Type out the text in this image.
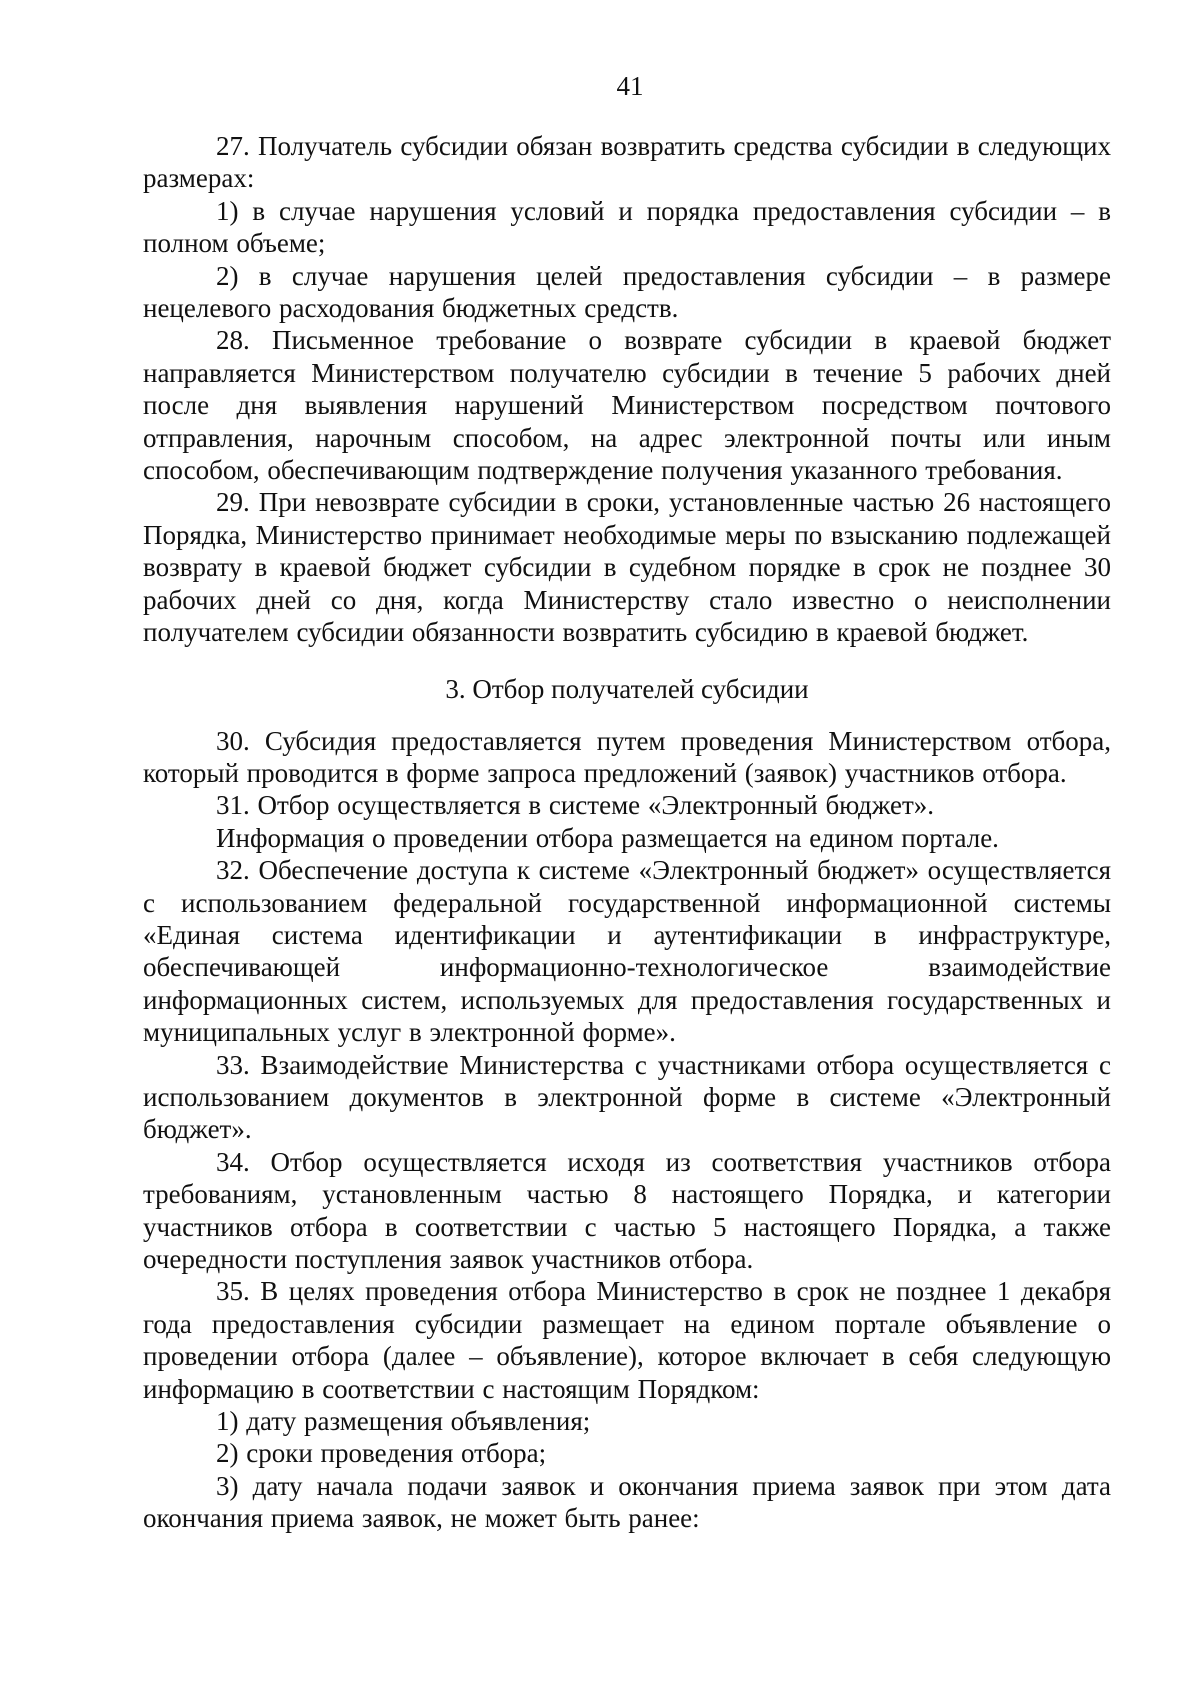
41

27. Получатель субсидии обязан возвратить средства субсидии в следующих размерах:

1) в случае нарушения условий и порядка предоставления субсидии – в полном объеме;

2) в случае нарушения целей предоставления субсидии – в размере нецелевого расходования бюджетных средств.

28. Письменное требование о возврате субсидии в краевой бюджет направляется Министерством получателю субсидии в течение 5 рабочих дней после дня выявления нарушений Министерством посредством почтового отправления, нарочным способом, на адрес электронной почты или иным способом, обеспечивающим подтверждение получения указанного требования.

29. При невозврате субсидии в сроки, установленные частью 26 настоящего Порядка, Министерство принимает необходимые меры по взысканию подлежащей возврату в краевой бюджет субсидии в судебном порядке в срок не позднее 30 рабочих дней со дня, когда Министерству стало известно о неисполнении получателем субсидии обязанности возвратить субсидию в краевой бюджет.

3. Отбор получателей субсидии

30. Субсидия предоставляется путем проведения Министерством отбора, который проводится в форме запроса предложений (заявок) участников отбора.

31. Отбор осуществляется в системе «Электронный бюджет».

Информация о проведении отбора размещается на едином портале.

32. Обеспечение доступа к системе «Электронный бюджет» осуществляется с использованием федеральной государственной информационной системы «Единая система идентификации и аутентификации в инфраструктуре, обеспечивающей информационно-технологическое взаимодействие информационных систем, используемых для предоставления государственных и муниципальных услуг в электронной форме».

33. Взаимодействие Министерства с участниками отбора осуществляется с использованием документов в электронной форме в системе «Электронный бюджет».

34. Отбор осуществляется исходя из соответствия участников отбора требованиям, установленным частью 8 настоящего Порядка, и категории участников отбора в соответствии с частью 5 настоящего Порядка, а также очередности поступления заявок участников отбора.

35. В целях проведения отбора Министерство в срок не позднее 1 декабря года предоставления субсидии размещает на едином портале объявление о проведении отбора (далее – объявление), которое включает в себя следующую информацию в соответствии с настоящим Порядком:

1) дату размещения объявления;

2) сроки проведения отбора;

3) дату начала подачи заявок и окончания приема заявок при этом дата окончания приема заявок, не может быть ранее:
